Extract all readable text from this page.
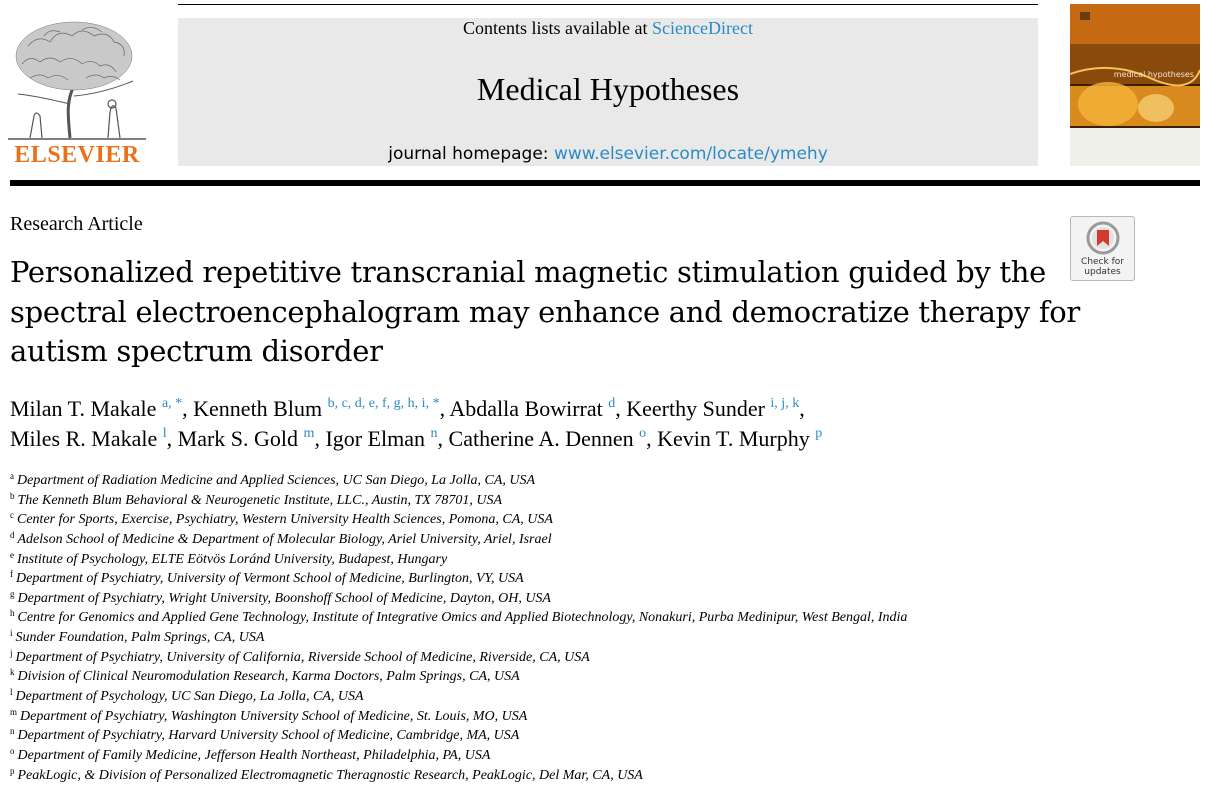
ELSEVIER
Contents lists available at ScienceDirect
Medical Hypotheses
journal homepage: www.elsevier.com/locate/ymehy
medical hypotheses
Research Article
Personalized repetitive transcranial magnetic stimulation guided by the
spectral electroencephalogram may enhance and democratize therapy for
autism spectrum disorder
Check for
updates
Milan T. Makale $^{a, *}$, Kenneth Blum $^{b, c, d, e, f, g, h, i, *}$, Abdalla Bowirrat $^d$, Keerthy Sunder $^{i, j, k}$,
Miles R. Makale $^l$, Mark S. Gold $^m$, Igor Elman $^n$, Catherine A. Dennen $^o$, Kevin T. Murphy $^p$
$^a$ Department of Radiation Medicine and Applied Sciences, UC San Diego, La Jolla, CA, USA
$^b$ The Kenneth Blum Behavioral & Neurogenetic Institute, LLC., Austin, TX 78701, USA
$^c$ Center for Sports, Exercise, Psychiatry, Western University Health Sciences, Pomona, CA, USA
$^d$ Adelson School of Medicine & Department of Molecular Biology, Ariel University, Ariel, Israel
$^e$ Institute of Psychology, ELTE Eötvös Loránd University, Budapest, Hungary
$^f$ Department of Psychiatry, University of Vermont School of Medicine, Burlington, VY, USA
$^g$ Department of Psychiatry, Wright University, Boonshoff School of Medicine, Dayton, OH, USA
$^h$ Centre for Genomics and Applied Gene Technology, Institute of Integrative Omics and Applied Biotechnology, Nonakuri, Purba Medinipur, West Bengal, India
$^i$ Sunder Foundation, Palm Springs, CA, USA
$^j$ Department of Psychiatry, University of California, Riverside School of Medicine, Riverside, CA, USA
$^k$ Division of Clinical Neuromodulation Research, Karma Doctors, Palm Springs, CA, USA
$^l$ Department of Psychology, UC San Diego, La Jolla, CA, USA
$^m$ Department of Psychiatry, Washington University School of Medicine, St. Louis, MO, USA
$^n$ Department of Psychiatry, Harvard University School of Medicine, Cambridge, MA, USA
$^o$ Department of Family Medicine, Jefferson Health Northeast, Philadelphia, PA, USA
$^p$ PeakLogic, & Division of Personalized Electromagnetic Theragnostic Research, PeakLogic, Del Mar, CA, USA
